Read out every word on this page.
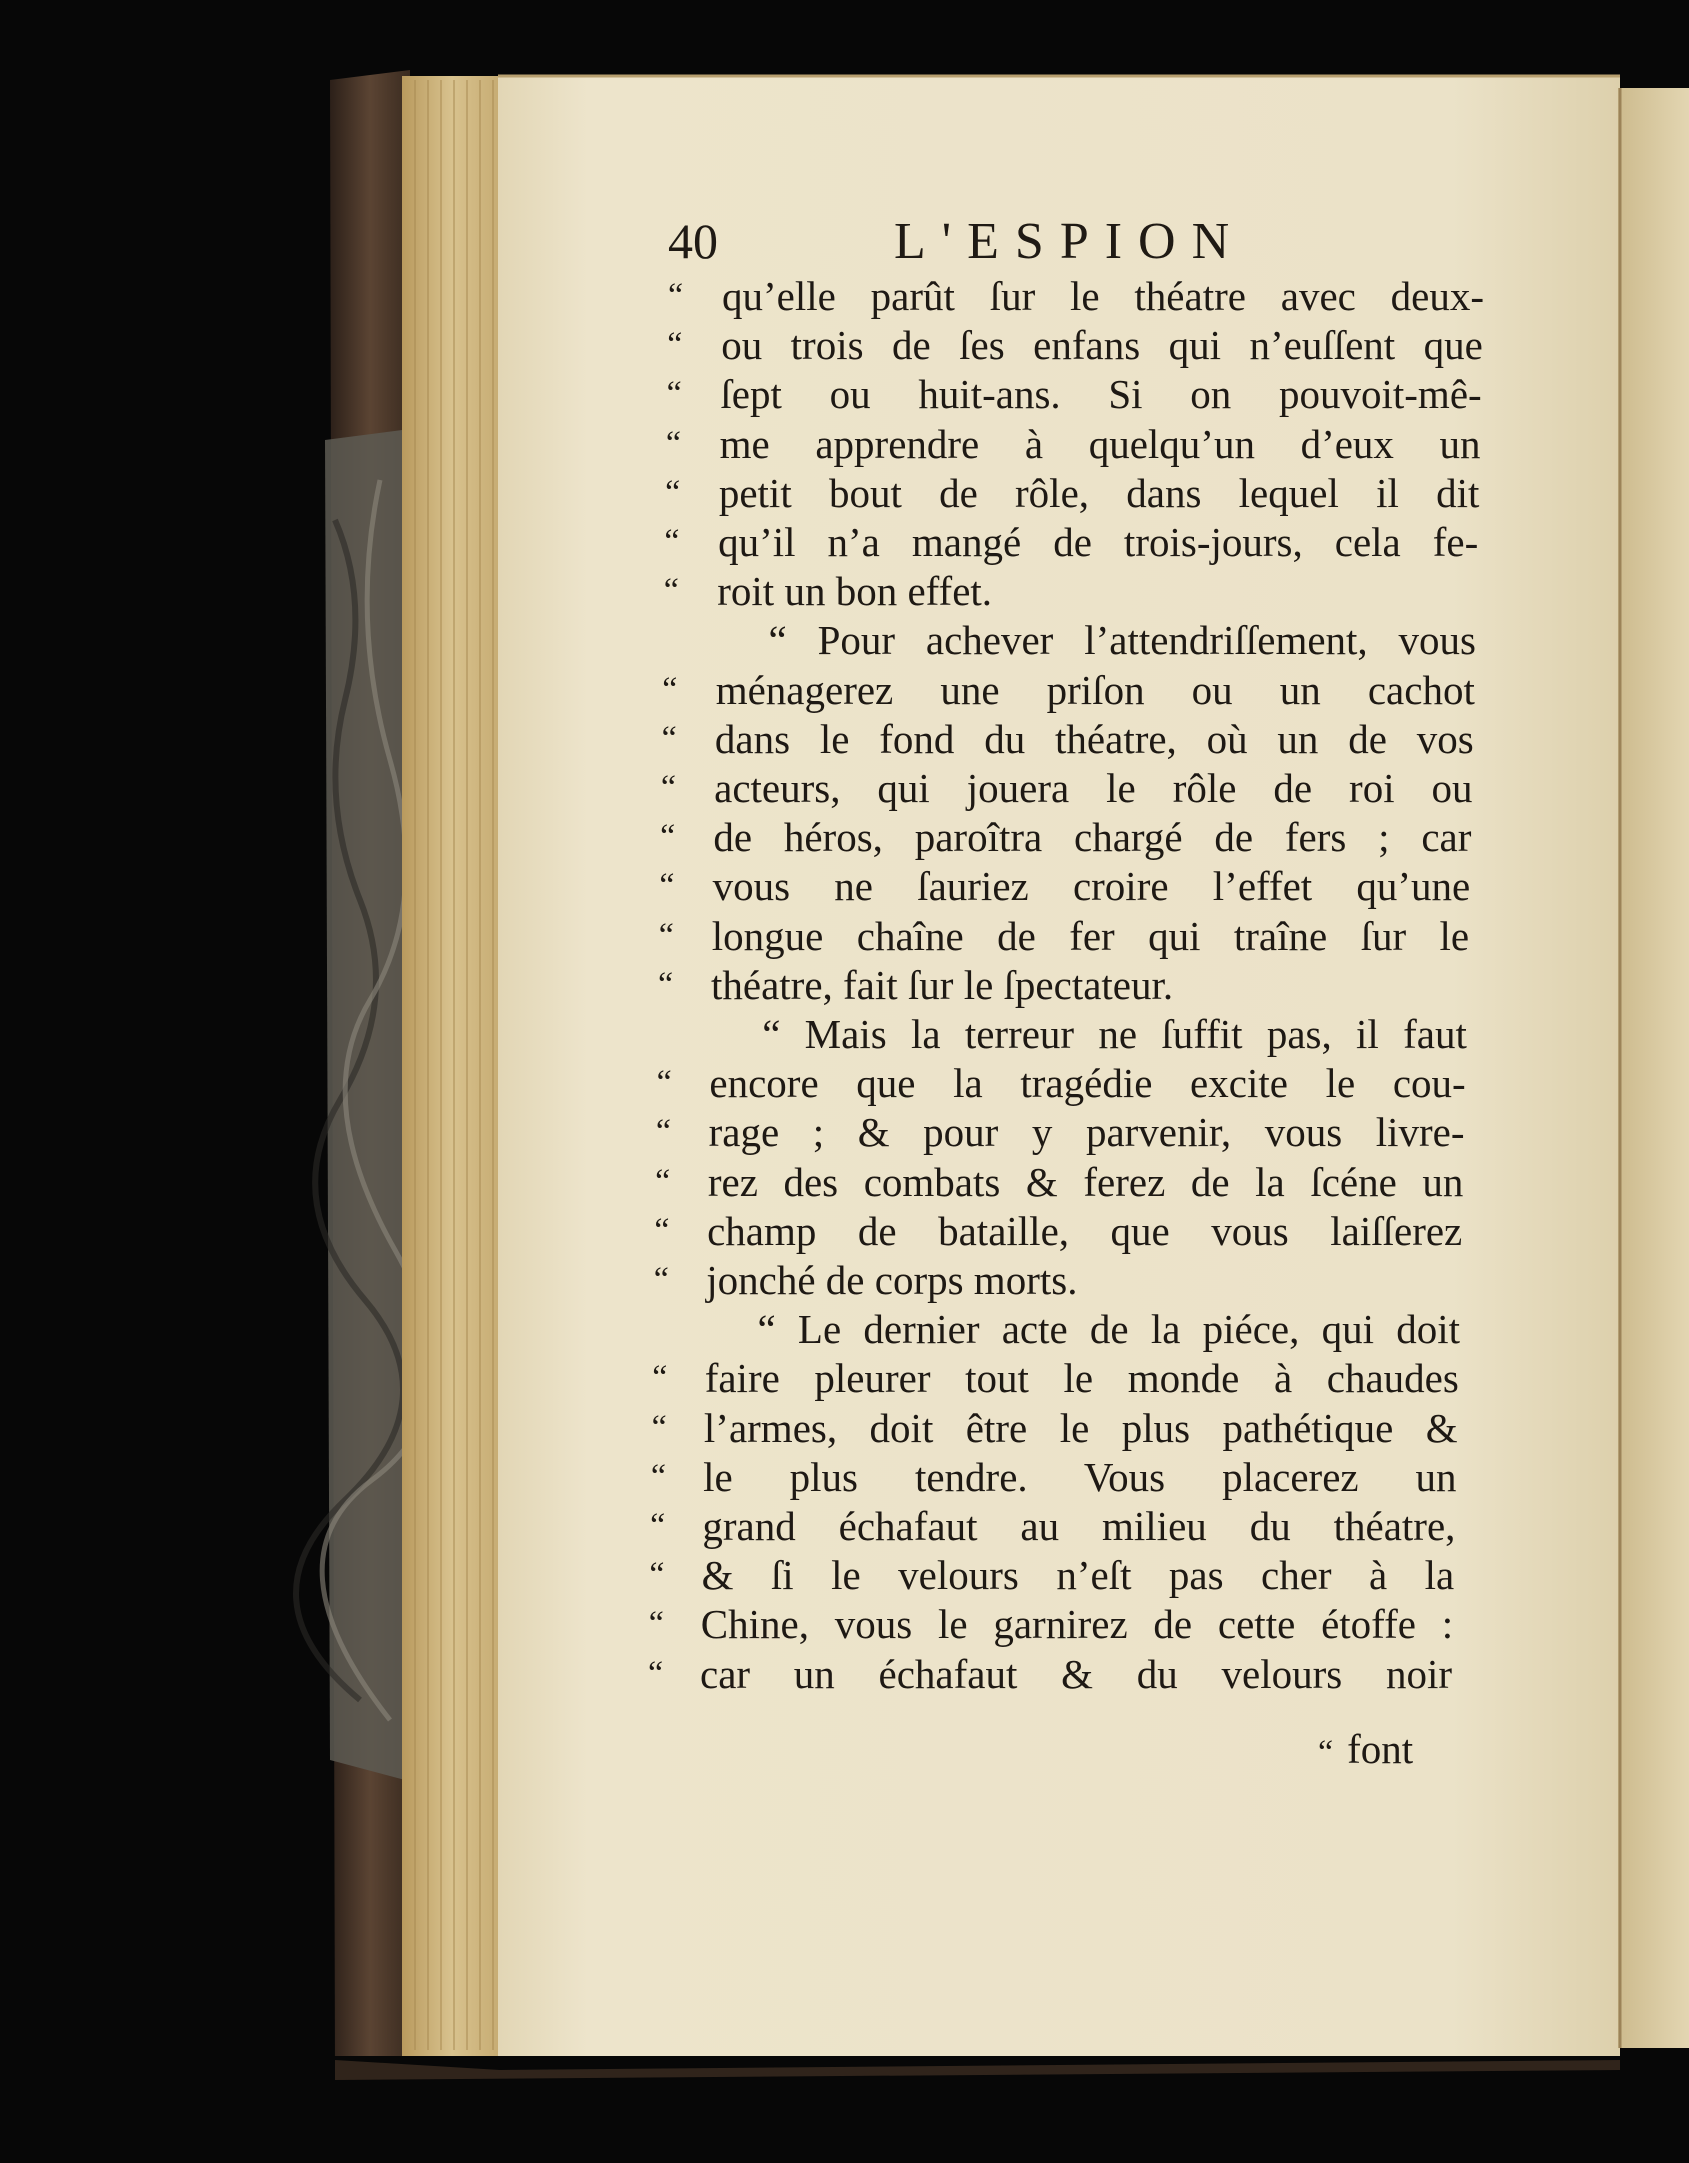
40	L'ESPION
“ qu’elle parût ſur le théatre avec deux-
“ ou trois de ſes enfans qui n’euſſent que
“ ſept ou huit-ans. Si on pouvoit-mê-
“ me apprendre à quelqu’un d’eux un
“ petit bout de rôle, dans lequel il dit
“ qu’il n’a mangé de trois-jours, cela fe-
“ roit un bon effet.
“ Pour achever l’attendriſſement, vous
“ ménagerez une priſon ou un cachot
“ dans le fond du théatre, où un de vos
“ acteurs, qui jouera le rôle de roi ou
“ de héros, paroîtra chargé de fers ; car
“ vous ne ſauriez croire l’effet qu’une
“ longue chaîne de fer qui traîne ſur le
“ théatre, fait ſur le ſpectateur.
“ Mais la terreur ne ſuffit pas, il faut
“ encore que la tragédie excite le cou-
“ rage ; & pour y parvenir, vous livre-
“ rez des combats & ferez de la ſcéne un
“ champ de bataille, que vous laiſſerez
“ jonché de corps morts.
“ Le dernier acte de la piéce, qui doit
“ faire pleurer tout le monde à chaudes
“ l’armes, doit être le plus pathétique &
“ le plus tendre. Vous placerez un
“ grand échafaut au milieu du théatre,
“ & ſi le velours n’eſt pas cher à la
“ Chine, vous le garnirez de cette étoffe :
“ car un échafaut & du velours noir
“ font
